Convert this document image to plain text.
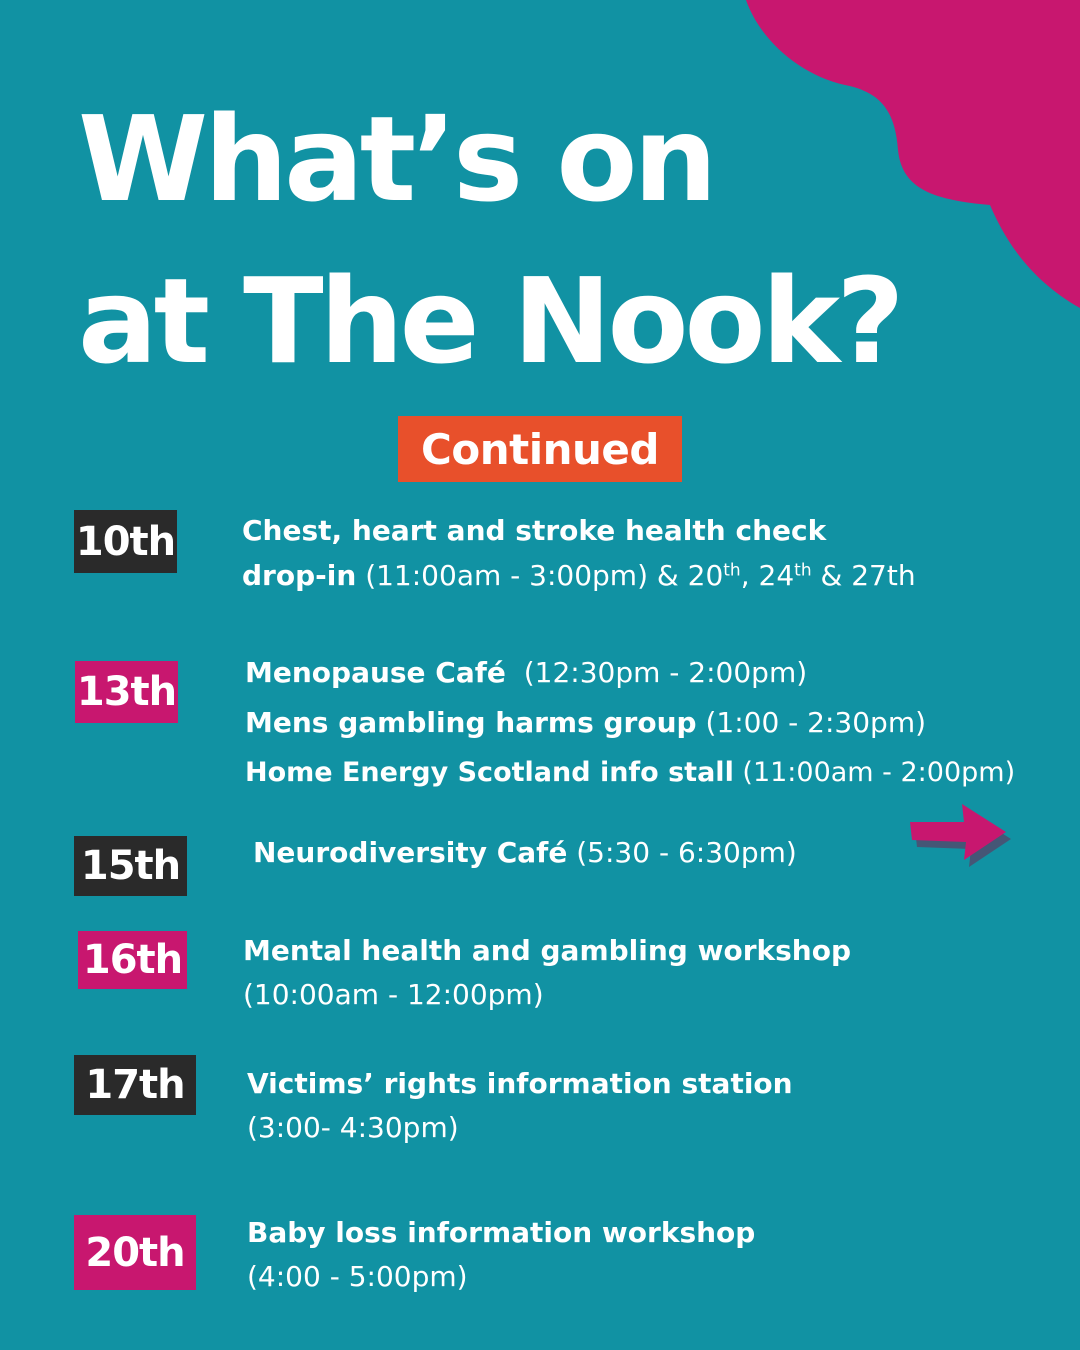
What’s on
at The Nook?
Continued
10th Chest, heart and stroke health check
drop-in (11:00am - 3:00pm) & 20th, 24th & 27th
13th Menopause Café  (12:30pm - 2:00pm)
Mens gambling harms group (1:00 - 2:30pm)
Home Energy Scotland info stall (11:00am - 2:00pm)
15th	Neurodiversity Café (5:30 - 6:30pm)
16th Mental health and gambling workshop
(10:00am - 12:00pm)
17th	Victims’ rights information station
(3:00- 4:30pm)
20th	Baby loss information workshop
(4:00 - 5:00pm)
